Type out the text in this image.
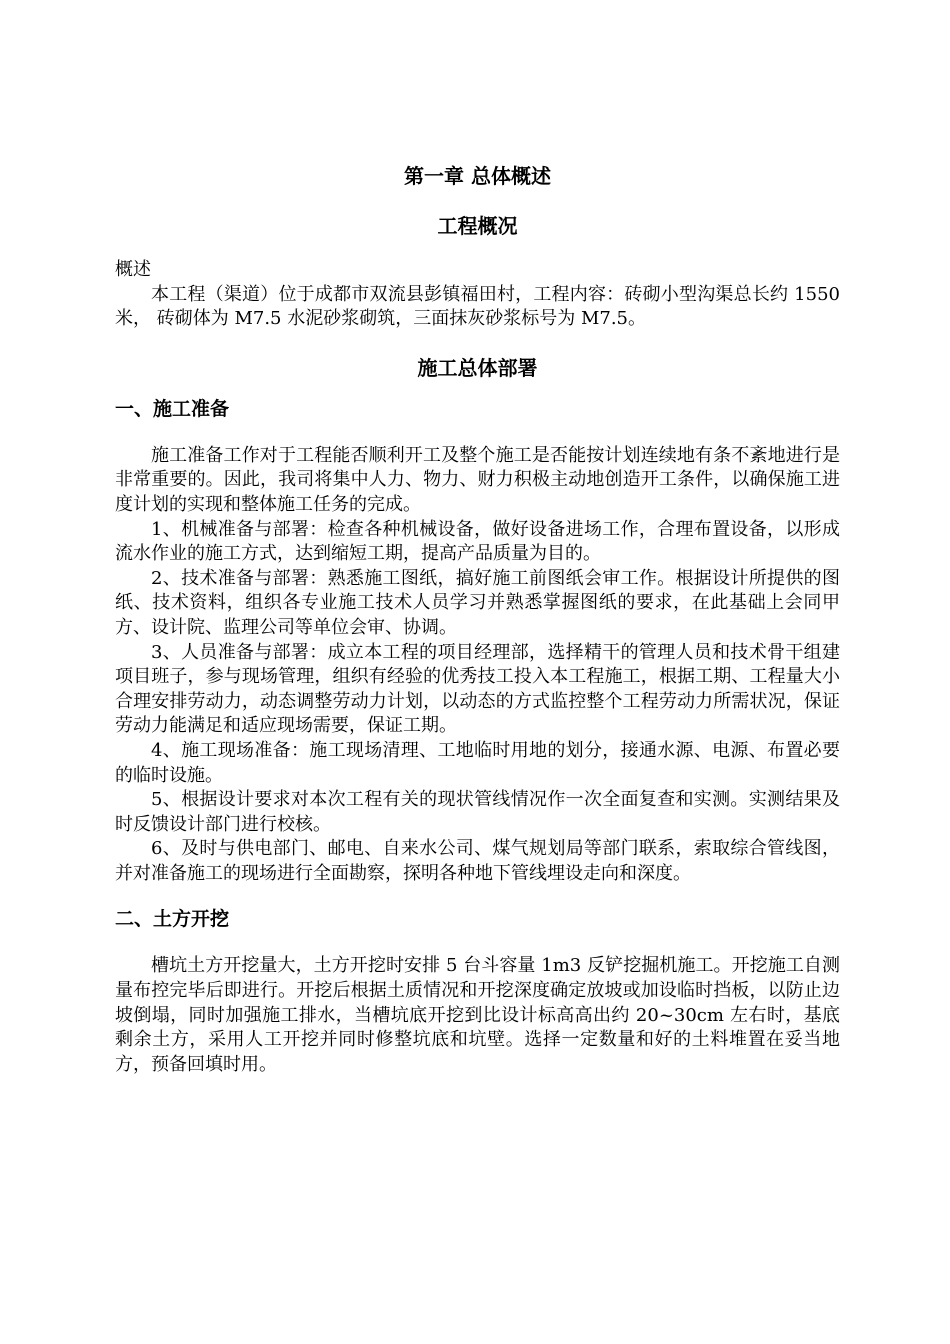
第一章 总体概述
工程概况

概述

本工程（渠道）位于成都市双流县彭镇福田村，工程内容：砖砌小型沟渠总长约 1550 米， 砖砌体为 M7.5 水泥砂浆砌筑，三面抹灰砂浆标号为 M7.5。

施工总体部署
一、施工准备

施工准备工作对于工程能否顺利开工及整个施工是否能按计划连续地有条不紊地进行是非常重要的。因此，我司将集中人力、物力、财力积极主动地创造开工条件，以确保施工进度计划的实现和整体施工任务的完成。

1、机械准备与部署：检查各种机械设备，做好设备进场工作，合理布置设备，以形成流水作业的施工方式，达到缩短工期，提高产品质量为目的。

2、技术准备与部署：熟悉施工图纸，搞好施工前图纸会审工作。根据设计所提供的图纸、技术资料，组织各专业施工技术人员学习并熟悉掌握图纸的要求，在此基础上会同甲方、设计院、监理公司等单位会审、协调。

3、人员准备与部署：成立本工程的项目经理部，选择精干的管理人员和技术骨干组建项目班子，参与现场管理，组织有经验的优秀技工投入本工程施工，根据工期、工程量大小合理安排劳动力，动态调整劳动力计划，以动态的方式监控整个工程劳动力所需状况，保证劳动力能满足和适应现场需要，保证工期。

4、施工现场准备：施工现场清理、工地临时用地的划分，接通水源、电源、布置必要的临时设施。

5、根据设计要求对本次工程有关的现状管线情况作一次全面复查和实测。实测结果及时反馈设计部门进行校核。

6、及时与供电部门、邮电、自来水公司、煤气规划局等部门联系，索取综合管线图，并对准备施工的现场进行全面勘察，探明各种地下管线埋设走向和深度。

二、土方开挖

槽坑土方开挖量大，土方开挖时安排 5 台斗容量 1m3 反铲挖掘机施工。开挖施工自测量布控完毕后即进行。开挖后根据土质情况和开挖深度确定放坡或加设临时挡板，以防止边坡倒塌，同时加强施工排水，当槽坑底开挖到比设计标高高出约 20~30cm 左右时，基底剩余土方，采用人工开挖并同时修整坑底和坑壁。选择一定数量和好的土料堆置在妥当地方，预备回填时用。
